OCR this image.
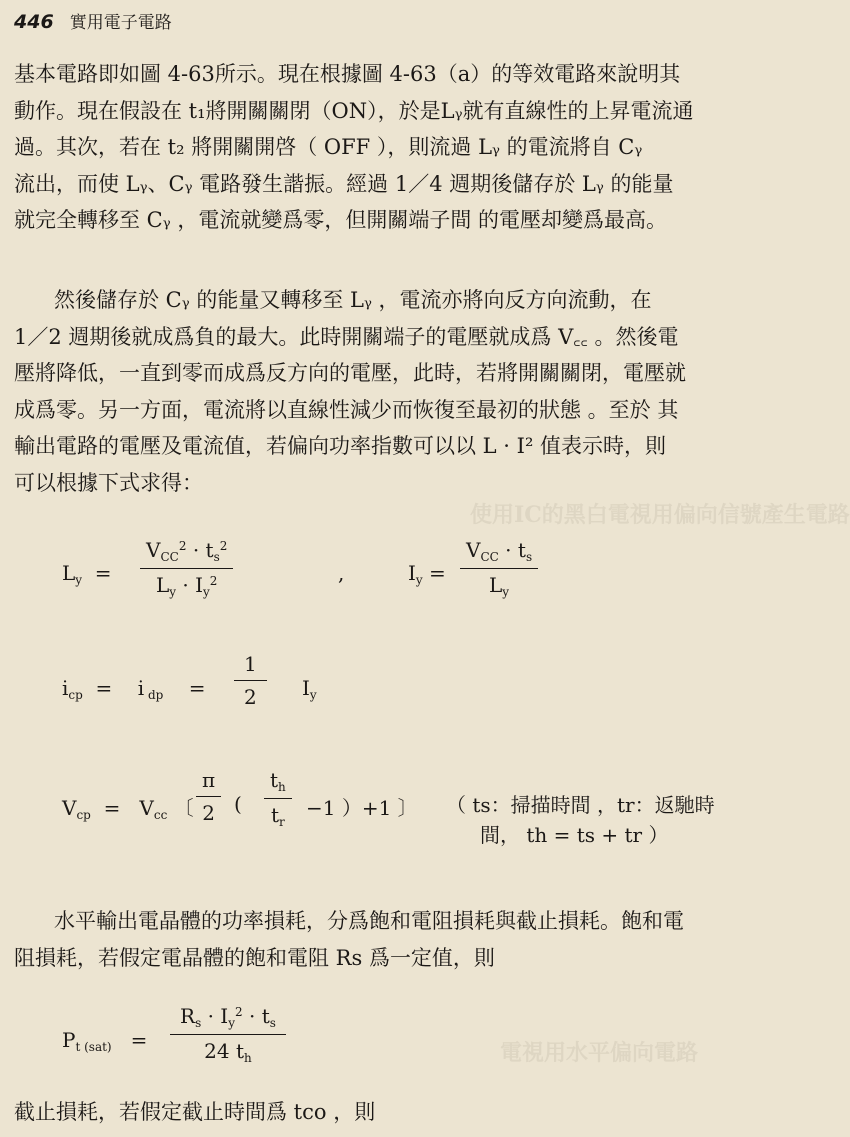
使用IC的黑白電視用偏向信號產生電路
電視用水平偏向電路
446 實用電子電路
基本電路即如圖 4-63所示。現在根據圖 4-63（a）的等效電路來說明其
動作。現在假設在 t₁將開關關閉（ON），於是Lᵧ就有直線性的上昇電流通
過。其次，若在 t₂ 將開關開啓（ OFF ），則流過 Lᵧ 的電流將自 Cᵧ
流出，而使 Lᵧ、Cᵧ 電路發生諧振。經過 1／4 週期後儲存於 Lᵧ 的能量
就完全轉移至 Cᵧ ，電流就變爲零，但開關端子間 的電壓却變爲最高。
然後儲存於 Cᵧ 的能量又轉移至 Lᵧ ，電流亦將向反方向流動，在
1／2 週期後就成爲負的最大。此時開關端子的電壓就成爲 V꜀꜀ 。然後電
壓將降低，一直到零而成爲反方向的電壓，此時，若將開關關閉，電壓就
成爲零。另一方面，電流將以直線性減少而恢復至最初的狀態 。至於 其
輸出電路的電壓及電流值，若偏向功率指數可以以 L · I² 值表示時，則
可以根據下式求得：
$L_y$  =
$V_{CC}^2 \cdot t_s^2$
$L_y \cdot I_y^2$	,	$I_y$ =
$V_{CC} \cdot t_s$
$L_y$
$i_{cp}$  =    i $_{dp}$    =
1
2	$I_y$
$V_{cp} = V_{cc}$ 〔
π
2 (
$t_h$
$t_r$
−1 ）+1 〕 （ ts：掃描時間 ，tr：返馳時
間， th = ts + tr ）
水平輸出電晶體的功率損耗，分爲飽和電阻損耗與截止損耗。飽和電
阻損耗，若假定電晶體的飽和電阻 Rs 爲一定值，則
$P_{t (sat)}$   =
$R_s \cdot I_y^2 \cdot t_s$
24 $t_h$
截止損耗，若假定截止時間爲 tco ，則
